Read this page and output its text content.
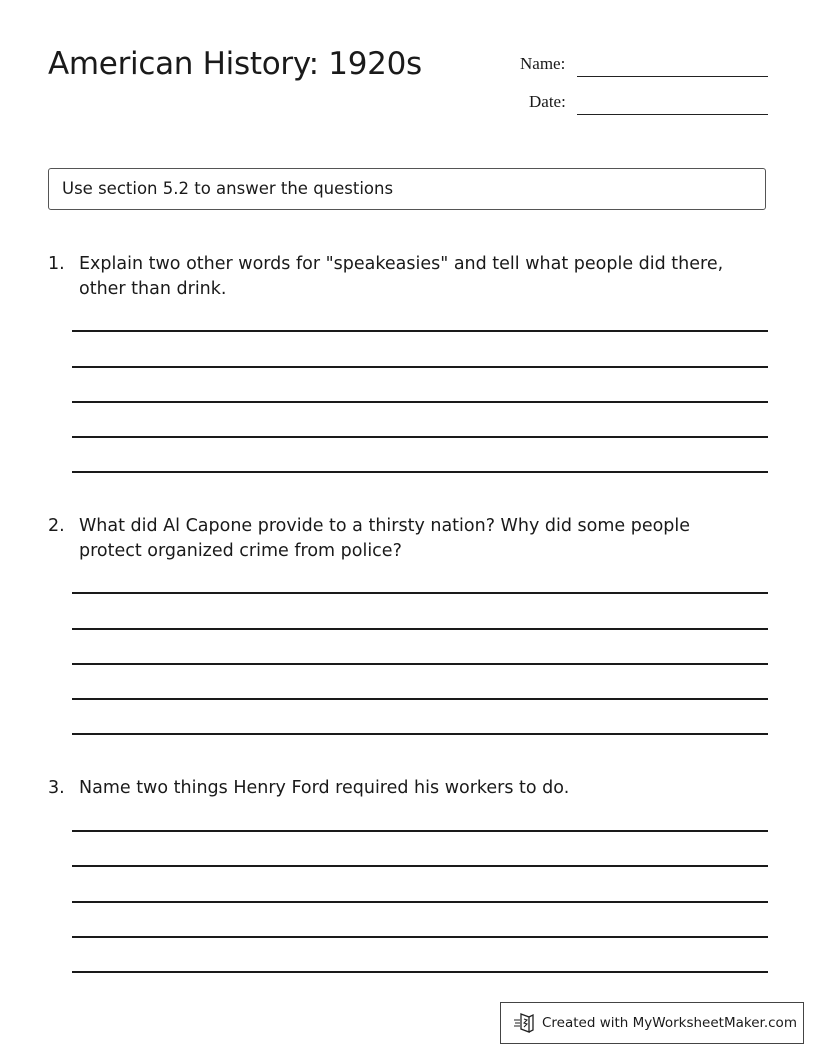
American History: 1920s	Name:
Date:
Use section 5.2 to answer the questions
1. Explain two other words for "speakeasies" and tell what people did there,
other than drink.
2. What did Al Capone provide to a thirsty nation? Why did some people
protect organized crime from police?
3. Name two things Henry Ford required his workers to do.
Created with MyWorksheetMaker.com
